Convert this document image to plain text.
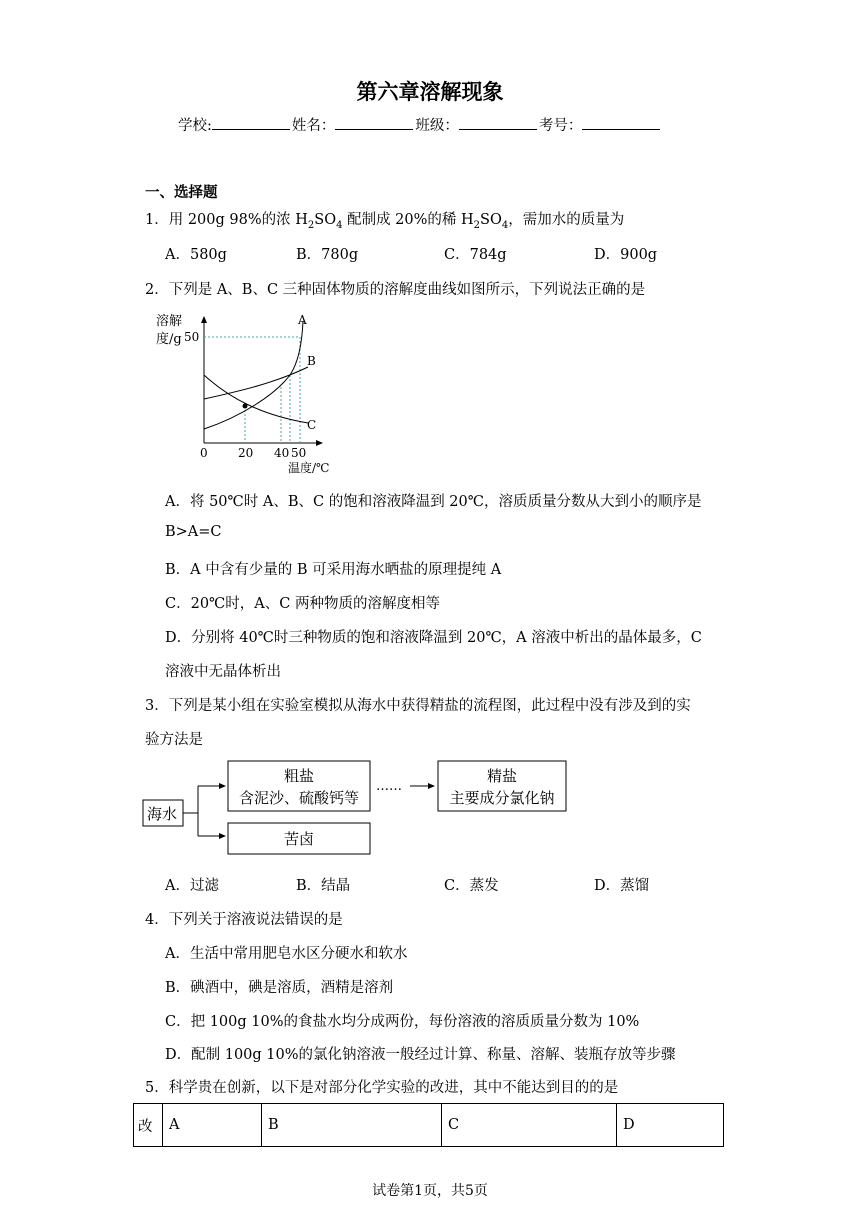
第六章溶解现象
学校:	姓名：	班级：	考号：
一、选择题
1．用 200g 98%的浓 $H_2SO_4$ 配制成 20%的稀 $H_2SO_4$，需加水的质量为
A．580g	B．780g	C．784g	D．900g
2．下列是 A、B、C 三种固体物质的溶解度曲线如图所示，下列说法正确的是
溶解
度/g 50
0	20 40 50
温度/℃
A
B
C
A．将 50℃时 A、B、C 的饱和溶液降温到 20℃，溶质质量分数从大到小的顺序是
B>A=C
B．A 中含有少量的 B 可采用海水晒盐的原理提纯 A
C．20℃时，A、C 两种物质的溶解度相等
D．分别将 40℃时三种物质的饱和溶液降温到 20℃，A 溶液中析出的晶体最多，C
溶液中无晶体析出
3．下列是某小组在实验室模拟从海水中获得精盐的流程图，此过程中没有涉及到的实
验方法是
海水
粗盐
含泥沙、硫酸钙等
……
精盐
主要成分氯化钠
苦卤
A．过滤	B．结晶	C．蒸发	D．蒸馏
4．下列关于溶液说法错误的是
A．生活中常用肥皂水区分硬水和软水
B．碘酒中，碘是溶质，酒精是溶剂
C．把 100g 10%的食盐水均分成两份，每份溶液的溶质质量分数为 10%
D．配制 100g 10%的氯化钠溶液一般经过计算、称量、溶解、装瓶存放等步骤
5．科学贵在创新，以下是对部分化学实验的改进，其中不能达到目的的是
改	A	B	C	D
试卷第1页，共5页
